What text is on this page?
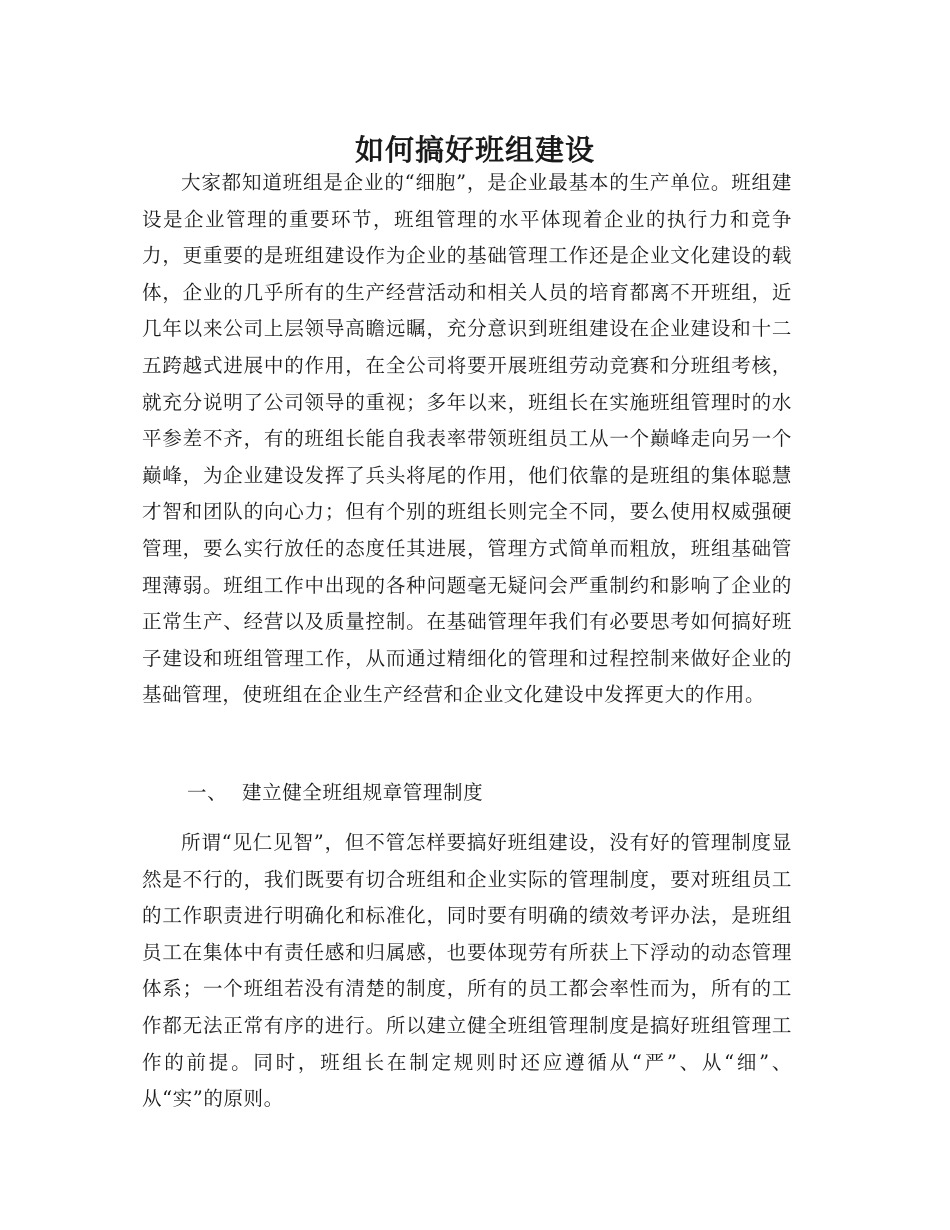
如何搞好班组建设

大家都知道班组是企业的“细胞”，是企业最基本的生产单位。班组建设是企业管理的重要环节，班组管理的水平体现着企业的执行力和竞争力，更重要的是班组建设作为企业的基础管理工作还是企业文化建设的载体，企业的几乎所有的生产经营活动和相关人员的培育都离不开班组，近几年以来公司上层领导高瞻远瞩，充分意识到班组建设在企业建设和十二五跨越式进展中的作用，在全公司将要开展班组劳动竞赛和分班组考核，就充分说明了公司领导的重视；多年以来，班组长在实施班组管理时的水平参差不齐，有的班组长能自我表率带领班组员工从一个巅峰走向另一个巅峰，为企业建设发挥了兵头将尾的作用，他们依靠的是班组的集体聪慧才智和团队的向心力；但有个别的班组长则完全不同，要么使用权威强硬管理，要么实行放任的态度任其进展，管理方式简单而粗放，班组基础管理薄弱。班组工作中出现的各种问题毫无疑问会严重制约和影响了企业的正常生产、经营以及质量控制。在基础管理年我们有必要思考如何搞好班子建设和班组管理工作，从而通过精细化的管理和过程控制来做好企业的基础管理，使班组在企业生产经营和企业文化建设中发挥更大的作用。

一、 建立健全班组规章管理制度

所谓“见仁见智”，但不管怎样要搞好班组建设，没有好的管理制度显然是不行的，我们既要有切合班组和企业实际的管理制度，要对班组员工的工作职责进行明确化和标准化，同时要有明确的绩效考评办法，是班组员工在集体中有责任感和归属感，也要体现劳有所获上下浮动的动态管理体系；一个班组若没有清楚的制度，所有的员工都会率性而为，所有的工作都无法正常有序的进行。所以建立健全班组管理制度是搞好班组管理工作的前提。同时，班组长在制定规则时还应遵循从“严”、从“细”、从“实”的原则。
